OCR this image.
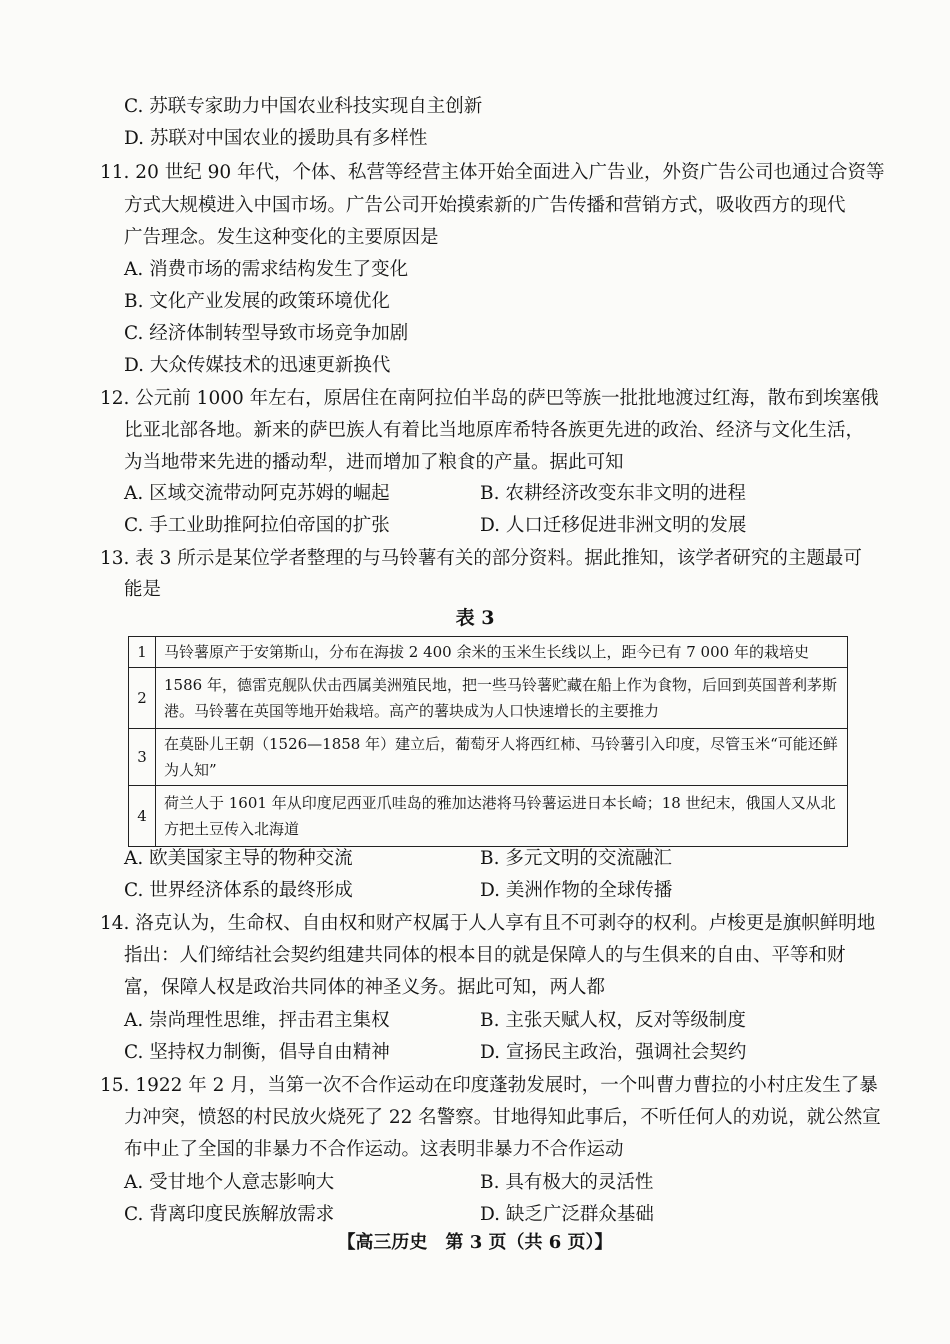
C. 苏联专家助力中国农业科技实现自主创新
D. 苏联对中国农业的援助具有多样性
11. 20 世纪 90 年代，个体、私营等经营主体开始全面进入广告业，外资广告公司也通过合资等
方式大规模进入中国市场。广告公司开始摸索新的广告传播和营销方式，吸收西方的现代
广告理念。发生这种变化的主要原因是
A. 消费市场的需求结构发生了变化
B. 文化产业发展的政策环境优化
C. 经济体制转型导致市场竞争加剧
D. 大众传媒技术的迅速更新换代
12. 公元前 1000 年左右，原居住在南阿拉伯半岛的萨巴等族一批批地渡过红海，散布到埃塞俄
比亚北部各地。新来的萨巴族人有着比当地原库希特各族更先进的政治、经济与文化生活，
为当地带来先进的播动犁，进而增加了粮食的产量。据此可知
A. 区域交流带动阿克苏姆的崛起	B. 农耕经济改变东非文明的进程
C. 手工业助推阿拉伯帝国的扩张	D. 人口迁移促进非洲文明的发展
13. 表 3 所示是某位学者整理的与马铃薯有关的部分资料。据此推知，该学者研究的主题最可
能是
表 3
1	马铃薯原产于安第斯山，分布在海拔 2 400 余米的玉米生长线以上，距今已有 7 000 年的栽培史
2	1586 年，德雷克舰队伏击西属美洲殖民地，把一些马铃薯贮藏在船上作为食物，后回到英国普利茅斯港。马铃薯在英国等地开始栽培。高产的薯块成为人口快速增长的主要推力
3	在莫卧儿王朝（1526—1858 年）建立后，葡萄牙人将西红柿、马铃薯引入印度，尽管玉米“可能还鲜为人知”
4	荷兰人于 1601 年从印度尼西亚爪哇岛的雅加达港将马铃薯运进日本长崎；18 世纪末，俄国人又从北方把土豆传入北海道
A. 欧美国家主导的物种交流	B. 多元文明的交流融汇
C. 世界经济体系的最终形成	D. 美洲作物的全球传播
14. 洛克认为，生命权、自由权和财产权属于人人享有且不可剥夺的权利。卢梭更是旗帜鲜明地
指出：人们缔结社会契约组建共同体的根本目的就是保障人的与生俱来的自由、平等和财
富，保障人权是政治共同体的神圣义务。据此可知，两人都
A. 崇尚理性思维，抨击君主集权	B. 主张天赋人权，反对等级制度
C. 坚持权力制衡，倡导自由精神	D. 宣扬民主政治，强调社会契约
15. 1922 年 2 月，当第一次不合作运动在印度蓬勃发展时，一个叫曹力曹拉的小村庄发生了暴
力冲突，愤怒的村民放火烧死了 22 名警察。甘地得知此事后，不听任何人的劝说，就公然宣
布中止了全国的非暴力不合作运动。这表明非暴力不合作运动
A. 受甘地个人意志影响大	B. 具有极大的灵活性
C. 背离印度民族解放需求	D. 缺乏广泛群众基础
【高三历史　第 3 页（共 6 页）】
